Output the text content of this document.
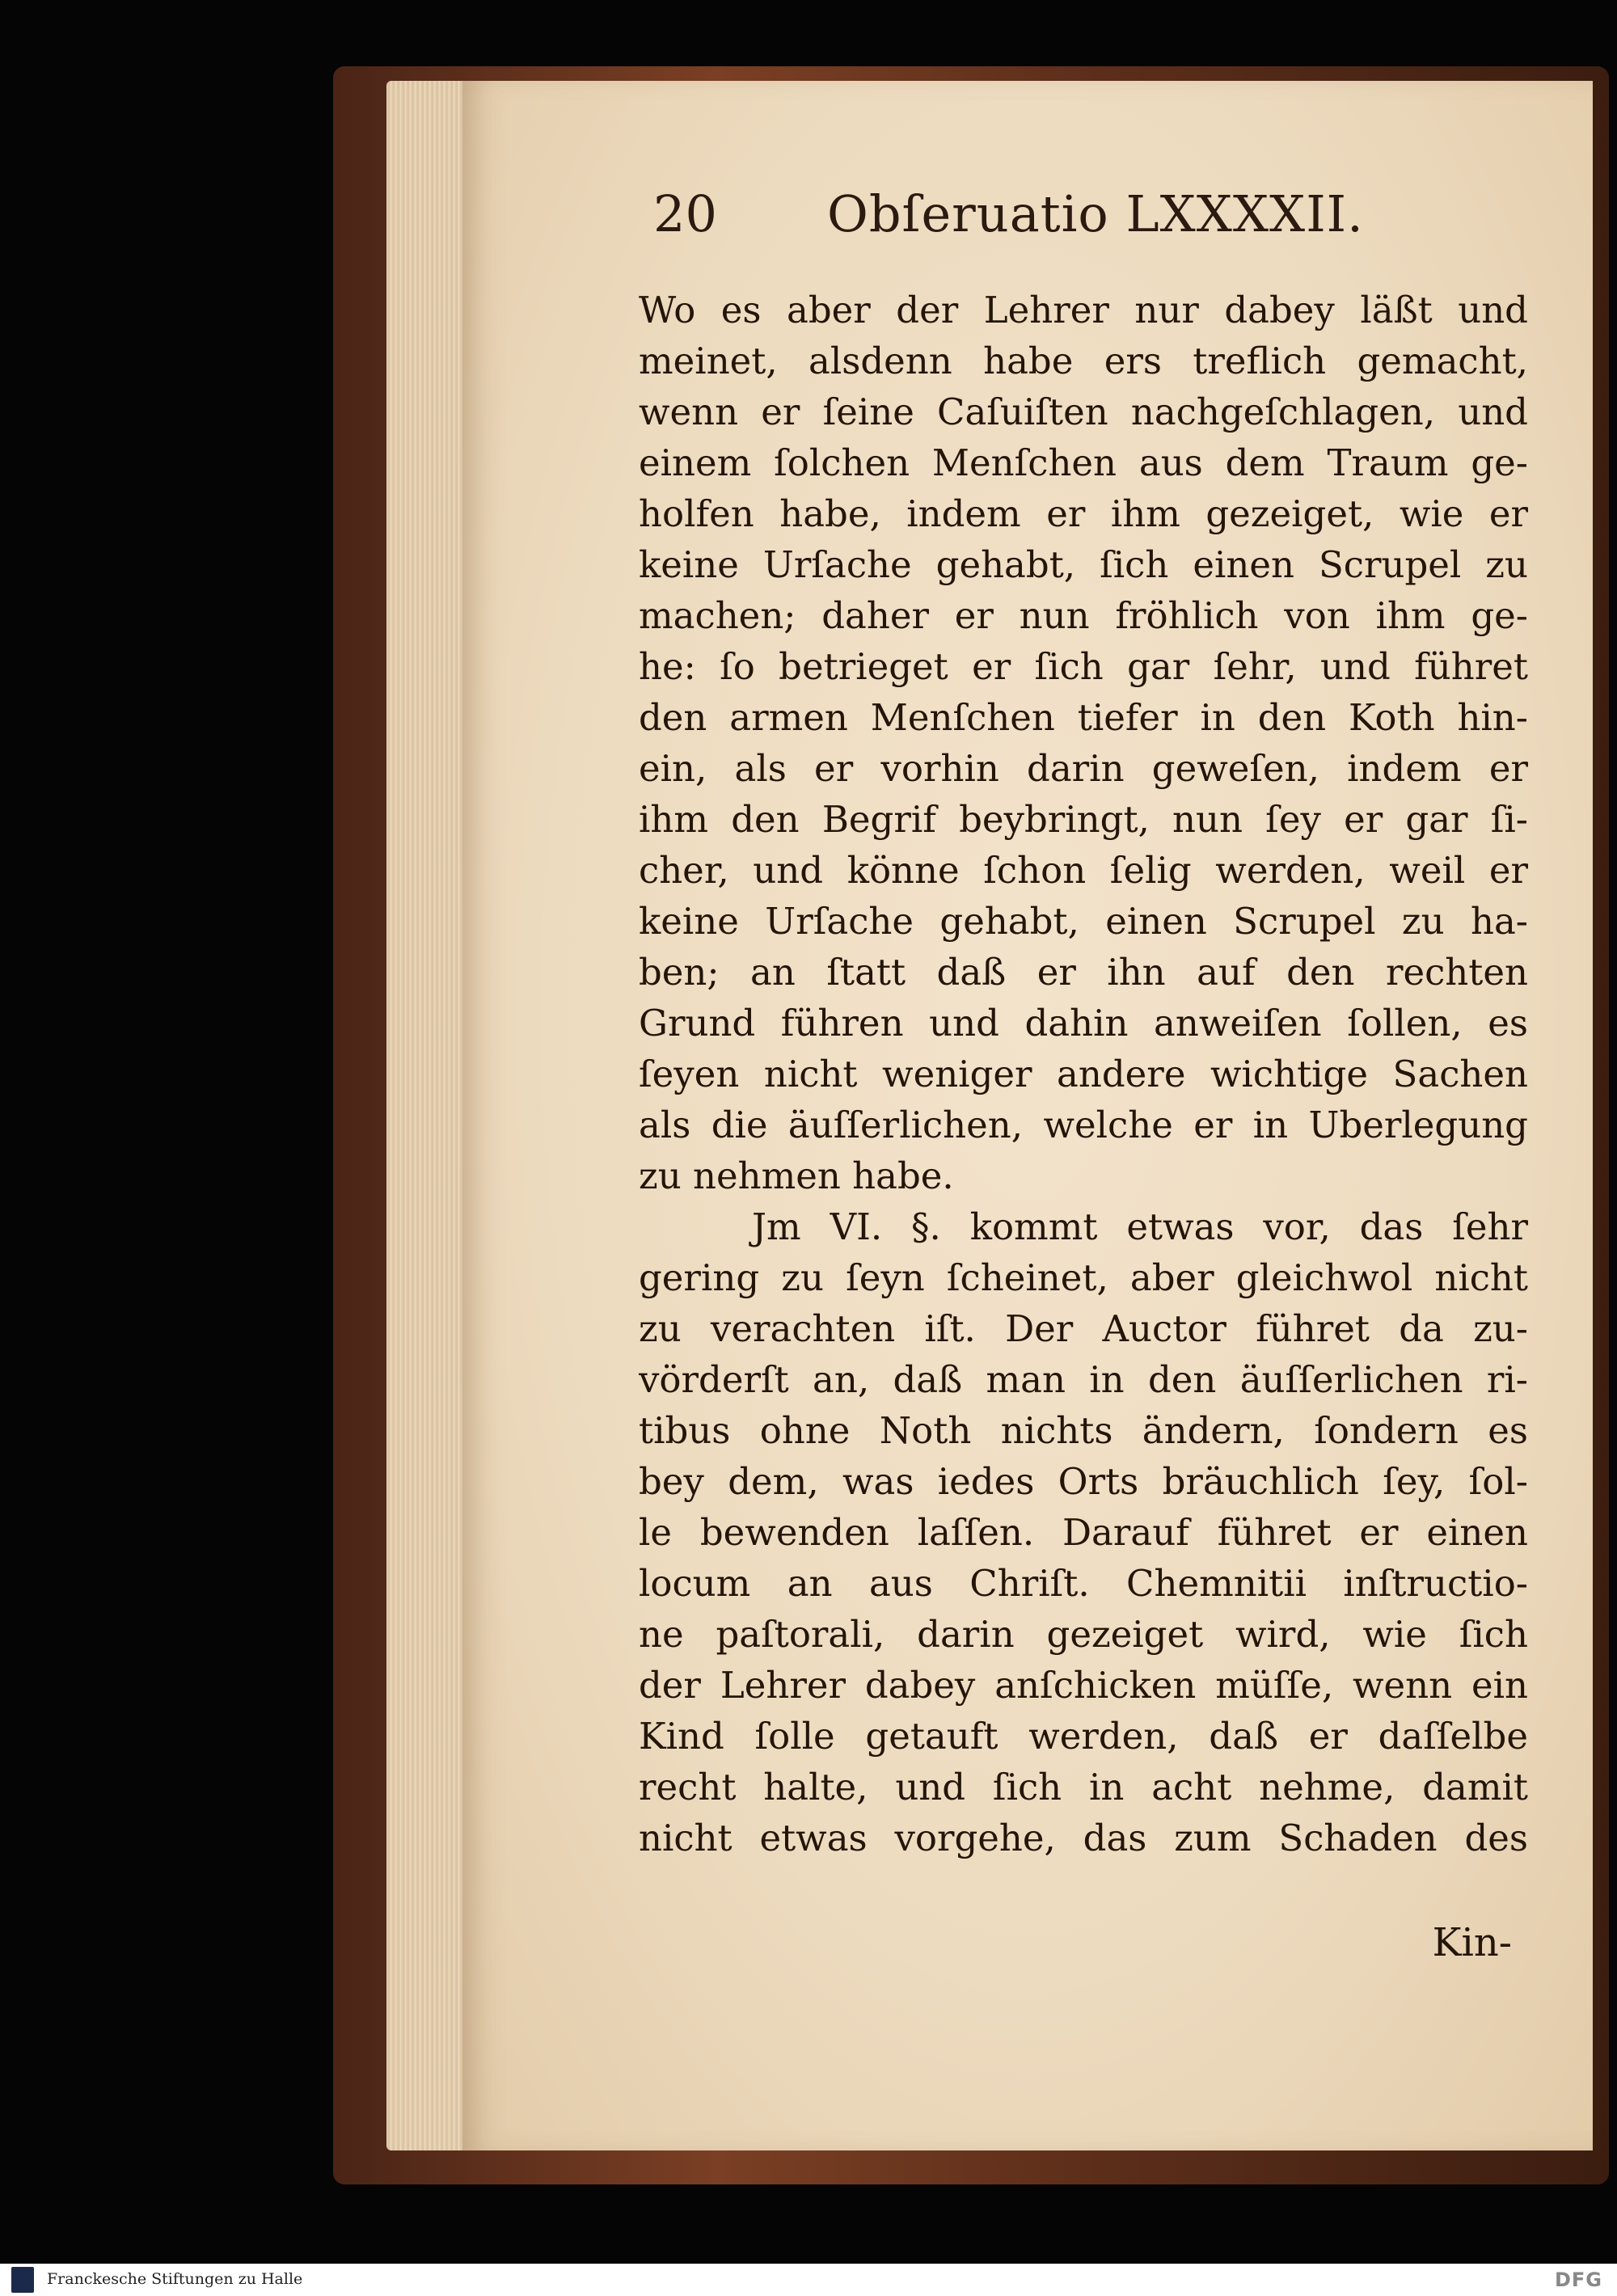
20 Obſeruatio LXXXXII.
Wo es aber der Lehrer nur dabey läßt und
meinet, alsdenn habe ers treflich gemacht,
wenn er ſeine Caſuiſten nachgeſchlagen, und
einem ſolchen Menſchen aus dem Traum ge-
holfen habe, indem er ihm gezeiget, wie er
keine Urſache gehabt, ſich einen Scrupel zu
machen; daher er nun fröhlich von ihm ge-
he: ſo betrieget er ſich gar ſehr, und führet
den armen Menſchen tiefer in den Koth hin-
ein, als er vorhin darin geweſen, indem er
ihm den Begrif beybringt, nun ſey er gar ſi-
cher, und könne ſchon ſelig werden, weil er
keine Urſache gehabt, einen Scrupel zu ha-
ben; an ſtatt daß er ihn auf den rechten
Grund führen und dahin anweiſen ſollen, es
ſeyen nicht weniger andere wichtige Sachen
als die äuſſerlichen, welche er in Uberlegung
zu nehmen habe.
Jm VI. §. kommt etwas vor, das ſehr
gering zu ſeyn ſcheinet, aber gleichwol nicht
zu verachten iſt. Der Auctor führet da zu-
vörderſt an, daß man in den äuſſerlichen ri-
tibus ohne Noth nichts ändern, ſondern es
bey dem, was iedes Orts bräuchlich ſey, ſol-
le bewenden laſſen. Darauf führet er einen
locum an aus Chriſt. Chemnitii inſtructio-
ne paſtorali, darin gezeiget wird, wie ſich
der Lehrer dabey anſchicken müſſe, wenn ein
Kind ſolle getauft werden, daß er daſſelbe
recht halte, und ſich in acht nehme, damit
nicht etwas vorgehe, das zum Schaden des
Kin-
Franckesche Stiftungen zu Halle	DFG
